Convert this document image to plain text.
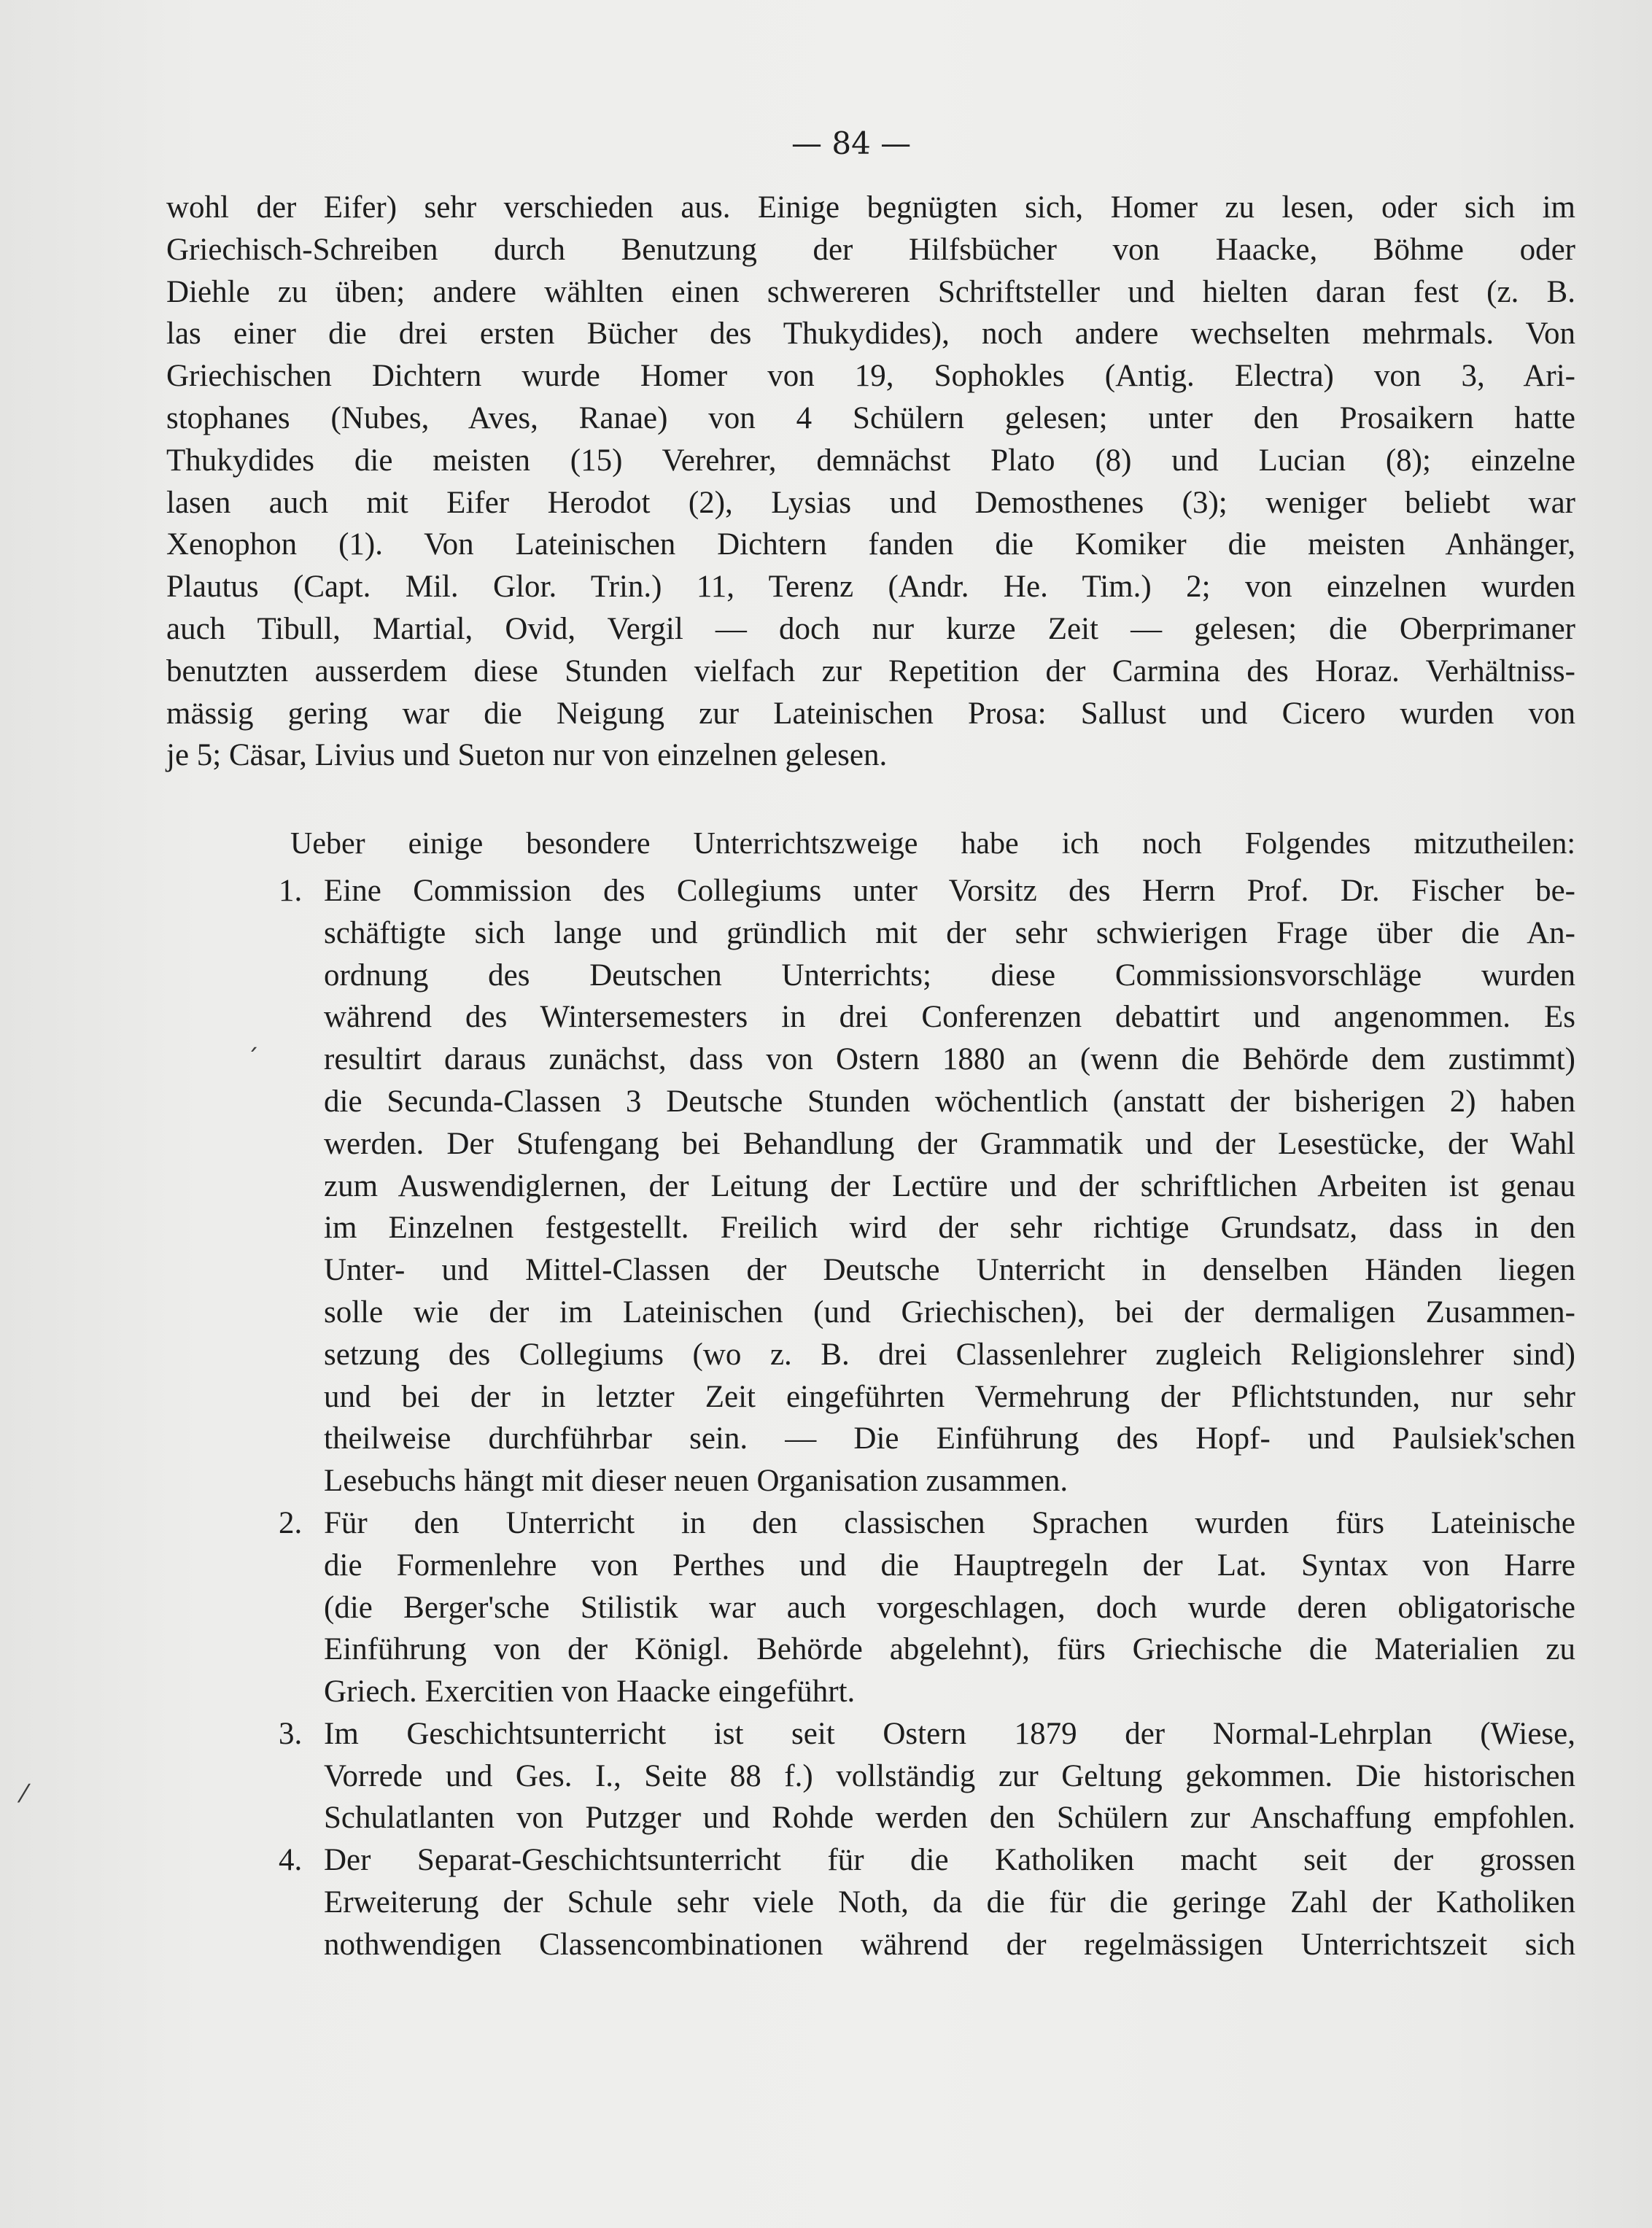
´
⁄
— 84 —
wohl der Eifer) sehr verschieden aus. Einige begnügten sich, Homer zu lesen, oder sich im
Griechisch-Schreiben durch Benutzung der Hilfsbücher von Haacke, Böhme oder
Diehle zu üben; andere wählten einen schwereren Schriftsteller und hielten daran fest (z. B.
las einer die drei ersten Bücher des Thukydides), noch andere wechselten mehrmals. Von
Griechischen Dichtern wurde Homer von 19, Sophokles (Antig. Electra) von 3, Ari-
stophanes (Nubes, Aves, Ranae) von 4 Schülern gelesen; unter den Prosaikern hatte
Thukydides die meisten (15) Verehrer, demnächst Plato (8) und Lucian (8); einzelne
lasen auch mit Eifer Herodot (2), Lysias und Demosthenes (3); weniger beliebt war
Xenophon (1). Von Lateinischen Dichtern fanden die Komiker die meisten Anhänger,
Plautus (Capt. Mil. Glor. Trin.) 11, Terenz (Andr. He. Tim.) 2; von einzelnen wurden
auch Tibull, Martial, Ovid, Vergil — doch nur kurze Zeit — gelesen; die Oberprimaner
benutzten ausserdem diese Stunden vielfach zur Repetition der Carmina des Horaz. Verhältniss-
mässig gering war die Neigung zur Lateinischen Prosa: Sallust und Cicero wurden von
je 5; Cäsar, Livius und Sueton nur von einzelnen gelesen.
Ueber einige besondere Unterrichtszweige habe ich noch Folgendes mitzutheilen:
1. Eine Commission des Collegiums unter Vorsitz des Herrn Prof. Dr. Fischer be-
schäftigte sich lange und gründlich mit der sehr schwierigen Frage über die An-
ordnung des Deutschen Unterrichts; diese Commissionsvorschläge wurden
während des Wintersemesters in drei Conferenzen debattirt und angenommen. Es
resultirt daraus zunächst, dass von Ostern 1880 an (wenn die Behörde dem zustimmt)
die Secunda-Classen 3 Deutsche Stunden wöchentlich (anstatt der bisherigen 2) haben
werden. Der Stufengang bei Behandlung der Grammatik und der Lesestücke, der Wahl
zum Auswendiglernen, der Leitung der Lectüre und der schriftlichen Arbeiten ist genau
im Einzelnen festgestellt. Freilich wird der sehr richtige Grundsatz, dass in den
Unter- und Mittel-Classen der Deutsche Unterricht in denselben Händen liegen
solle wie der im Lateinischen (und Griechischen), bei der dermaligen Zusammen-
setzung des Collegiums (wo z. B. drei Classenlehrer zugleich Religionslehrer sind)
und bei der in letzter Zeit eingeführten Vermehrung der Pflichtstunden, nur sehr
theilweise durchführbar sein. — Die Einführung des Hopf- und Paulsiek'schen
Lesebuchs hängt mit dieser neuen Organisation zusammen.
2. Für den Unterricht in den classischen Sprachen wurden fürs Lateinische
die Formenlehre von Perthes und die Hauptregeln der Lat. Syntax von Harre
(die Berger'sche Stilistik war auch vorgeschlagen, doch wurde deren obligatorische
Einführung von der Königl. Behörde abgelehnt), fürs Griechische die Materialien zu
Griech. Exercitien von Haacke eingeführt.
3. Im Geschichtsunterricht ist seit Ostern 1879 der Normal-Lehrplan (Wiese,
Vorrede und Ges. I., Seite 88 f.) vollständig zur Geltung gekommen. Die historischen
Schulatlanten von Putzger und Rohde werden den Schülern zur Anschaffung empfohlen.
4. Der Separat-Geschichtsunterricht für die Katholiken macht seit der grossen
Erweiterung der Schule sehr viele Noth, da die für die geringe Zahl der Katholiken
nothwendigen Classencombinationen während der regelmässigen Unterrichtszeit sich
